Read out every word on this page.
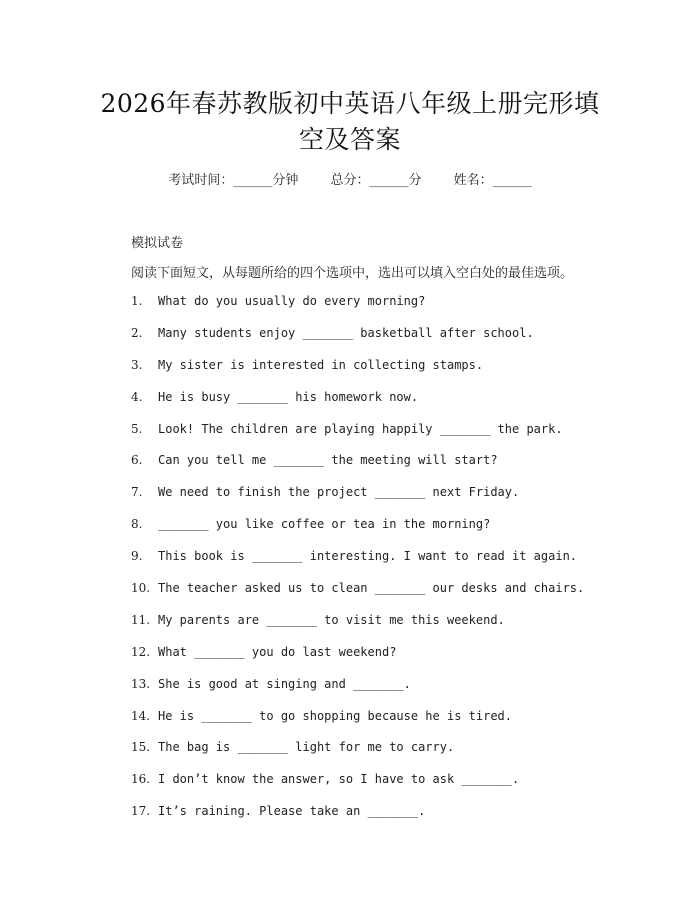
2026年春苏教版初中英语八年级上册完形填
空及答案
考试时间：______分钟 总分：______分 姓名：______
模拟试卷
阅读下面短文，从每题所给的四个选项中，选出可以填入空白处的最佳选项。
1.	What do you usually do every morning?
2.	Many students enjoy _______ basketball after school.
3.	My sister is interested in collecting stamps.
4.	He is busy _______ his homework now.
5.	Look! The children are playing happily _______ the park.
6.	Can you tell me _______ the meeting will start?
7.	We need to finish the project _______ next Friday.
8.	_______ you like coffee or tea in the morning?
9.	This book is _______ interesting. I want to read it again.
10. The teacher asked us to clean _______ our desks and chairs.
11. My parents are _______ to visit me this weekend.
12. What _______ you do last weekend?
13. She is good at singing and _______.
14. He is _______ to go shopping because he is tired.
15. The bag is _______ light for me to carry.
16. I don’t know the answer, so I have to ask _______.
17. It’s raining. Please take an _______.
